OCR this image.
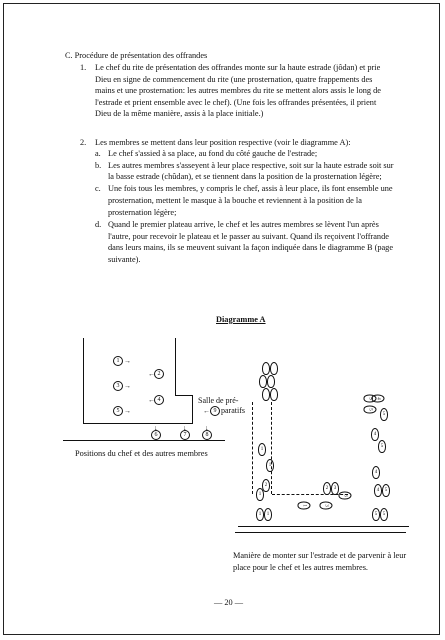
C. Procédure de présentation des offrandes
1. Le chef du rite de présentation des offrandes monte sur la haute estrade (jôdan) et prie
Dieu en signe de commencement du rite (une prosternation, quatre frappements des
mains et une prosternation: les autres membres du rite se mettent alors assis le long de
l'estrade et prient ensemble avec le chef). (Une fois les offrandes présentées, il prient
Dieu de la même manière, assis à la place initiale.)
2. Les membres se mettent dans leur position respective (voir le diagramme A):
a. Le chef s'assied à sa place, au fond du côté gauche de l'estrade;
b. Les autres membres s'asseyent à leur place respective, soit sur la haute estrade soit sur
la basse estrade (chûdan), et se tiennent dans la position de la prosternation légère;
c. Une fois tous les membres, y compris le chef, assis à leur place, ils font ensemble une
prosternation, mettent le masque à la bouche et reviennent à la position de la
prosternation légère;
d. Quand le premier plateau arrive, le chef et les autres membres se lèvent l'un après
l'autre, pour recevoir le plateau et le passer au suivant. Quand ils reçoivent l'offrande
dans leurs mains, ils se meuvent suivant la façon indiquée dans le diagramme B (page
suivante).
Diagramme A
1 →
← 2
3 →
← 4
5 →
↓
6
↓
7
↓
8
Salle de pré-
← 9 paratifs
Positions du chef et des autres membres	1
1
2
1
1	1
1
2	3
3
3
5 4
5
5
4
5
4
4	5
5	5
Manière de monter sur l'estrade et de parvenir à leur
place pour le chef et les autres membres.
— 20 —
